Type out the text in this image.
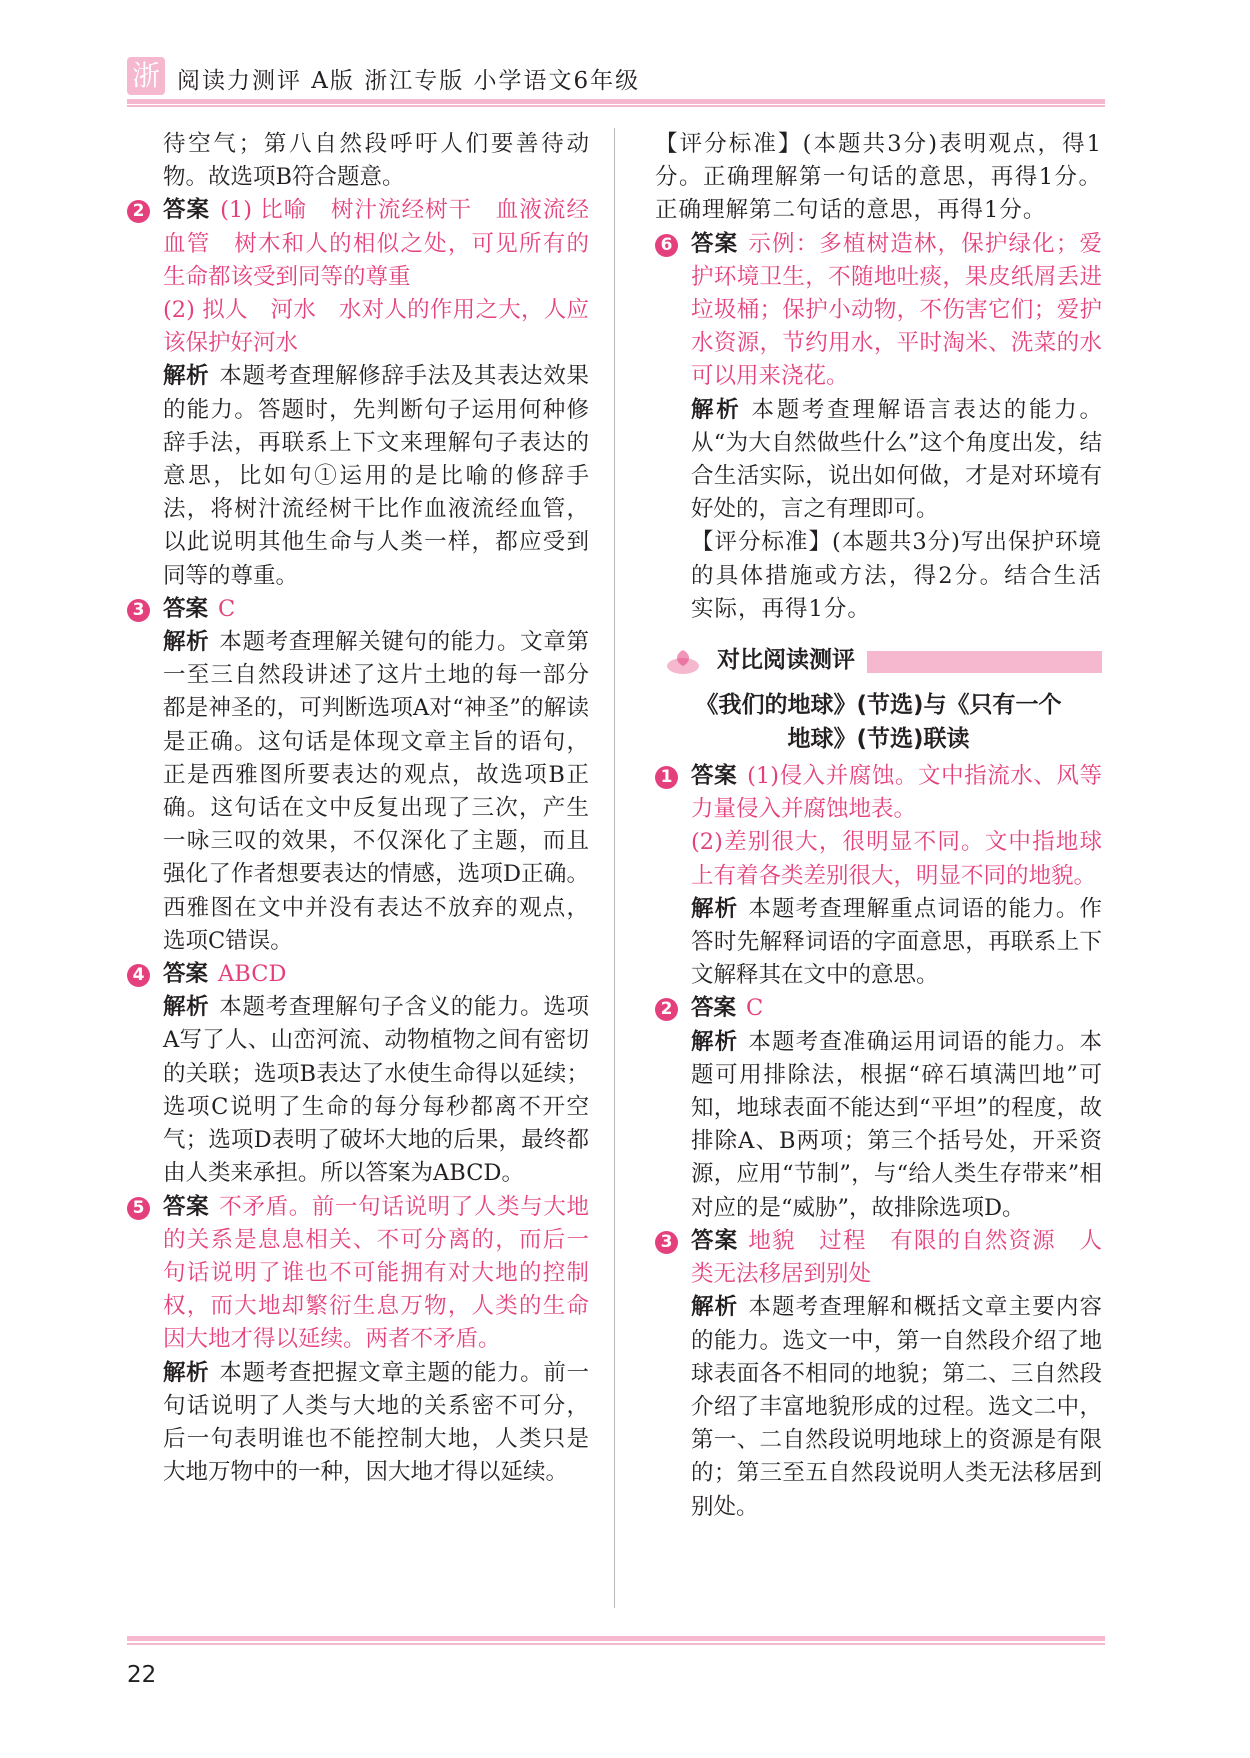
浙 阅读力测评 A版 浙江专版 小学语文6年级

待空气；第八自然段呼吁人们要善待动物。故选项B符合题意。

2 答案 (1) 比喻　树汁流经树干　血液流经血管　树木和人的相似之处，可见所有的生命都该受到同等的尊重

(2) 拟人　河水　水对人的作用之大，人应该保护好河水

解析 本题考查理解修辞手法及其表达效果的能力。答题时，先判断句子运用何种修辞手法，再联系上下文来理解句子表达的意思，比如句①运用的是比喻的修辞手法，将树汁流经树干比作血液流经血管，以此说明其他生命与人类一样，都应受到同等的尊重。

3 答案 C

解析 本题考查理解关键句的能力。文章第一至三自然段讲述了这片土地的每一部分都是神圣的，可判断选项A对“神圣”的解读是正确。这句话是体现文章主旨的语句，正是西雅图所要表达的观点，故选项B正确。这句话在文中反复出现了三次，产生一咏三叹的效果，不仅深化了主题，而且强化了作者想要表达的情感，选项D正确。西雅图在文中并没有表达不放弃的观点，选项C错误。

4 答案 ABCD

解析 本题考查理解句子含义的能力。选项A写了人、山峦河流、动物植物之间有密切的关联；选项B表达了水使生命得以延续；选项C说明了生命的每分每秒都离不开空气；选项D表明了破坏大地的后果，最终都由人类来承担。所以答案为ABCD。

5 答案 不矛盾。前一句话说明了人类与大地的关系是息息相关、不可分离的，而后一句话说明了谁也不可能拥有对大地的控制权，而大地却繁衍生息万物，人类的生命因大地才得以延续。两者不矛盾。

解析 本题考查把握文章主题的能力。前一句话说明了人类与大地的关系密不可分，后一句表明谁也不能控制大地，人类只是大地万物中的一种，因大地才得以延续。

【评分标准】(本题共3分)表明观点，得1分。正确理解第一句话的意思，再得1分。正确理解第二句话的意思，再得1分。

6 答案 示例：多植树造林，保护绿化；爱护环境卫生，不随地吐痰，果皮纸屑丢进垃圾桶；保护小动物，不伤害它们；爱护水资源，节约用水，平时淘米、洗菜的水可以用来浇花。

解析 本题考查理解语言表达的能力。从“为大自然做些什么”这个角度出发，结合生活实际，说出如何做，才是对环境有好处的，言之有理即可。

【评分标准】(本题共3分)写出保护环境的具体措施或方法，得2分。结合生活实际，再得1分。

对比阅读测评
《我们的地球》(节选)与《只有一个
地球》(节选)联读
1 答案 (1)侵入并腐蚀。文中指流水、风等力量侵入并腐蚀地表。

(2)差别很大，很明显不同。文中指地球上有着各类差别很大，明显不同的地貌。

解析 本题考查理解重点词语的能力。作答时先解释词语的字面意思，再联系上下文解释其在文中的意思。

2 答案 C

解析 本题考查准确运用词语的能力。本题可用排除法，根据“碎石填满凹地”可知，地球表面不能达到“平坦”的程度，故排除A、B两项；第三个括号处，开采资源，应用“节制”，与“给人类生存带来”相对应的是“威胁”，故排除选项D。

3 答案 地貌　过程　有限的自然资源　人类无法移居到别处

解析 本题考查理解和概括文章主要内容的能力。选文一中，第一自然段介绍了地球表面各不相同的地貌；第二、三自然段介绍了丰富地貌形成的过程。选文二中，第一、二自然段说明地球上的资源是有限的；第三至五自然段说明人类无法移居到别处。

22
